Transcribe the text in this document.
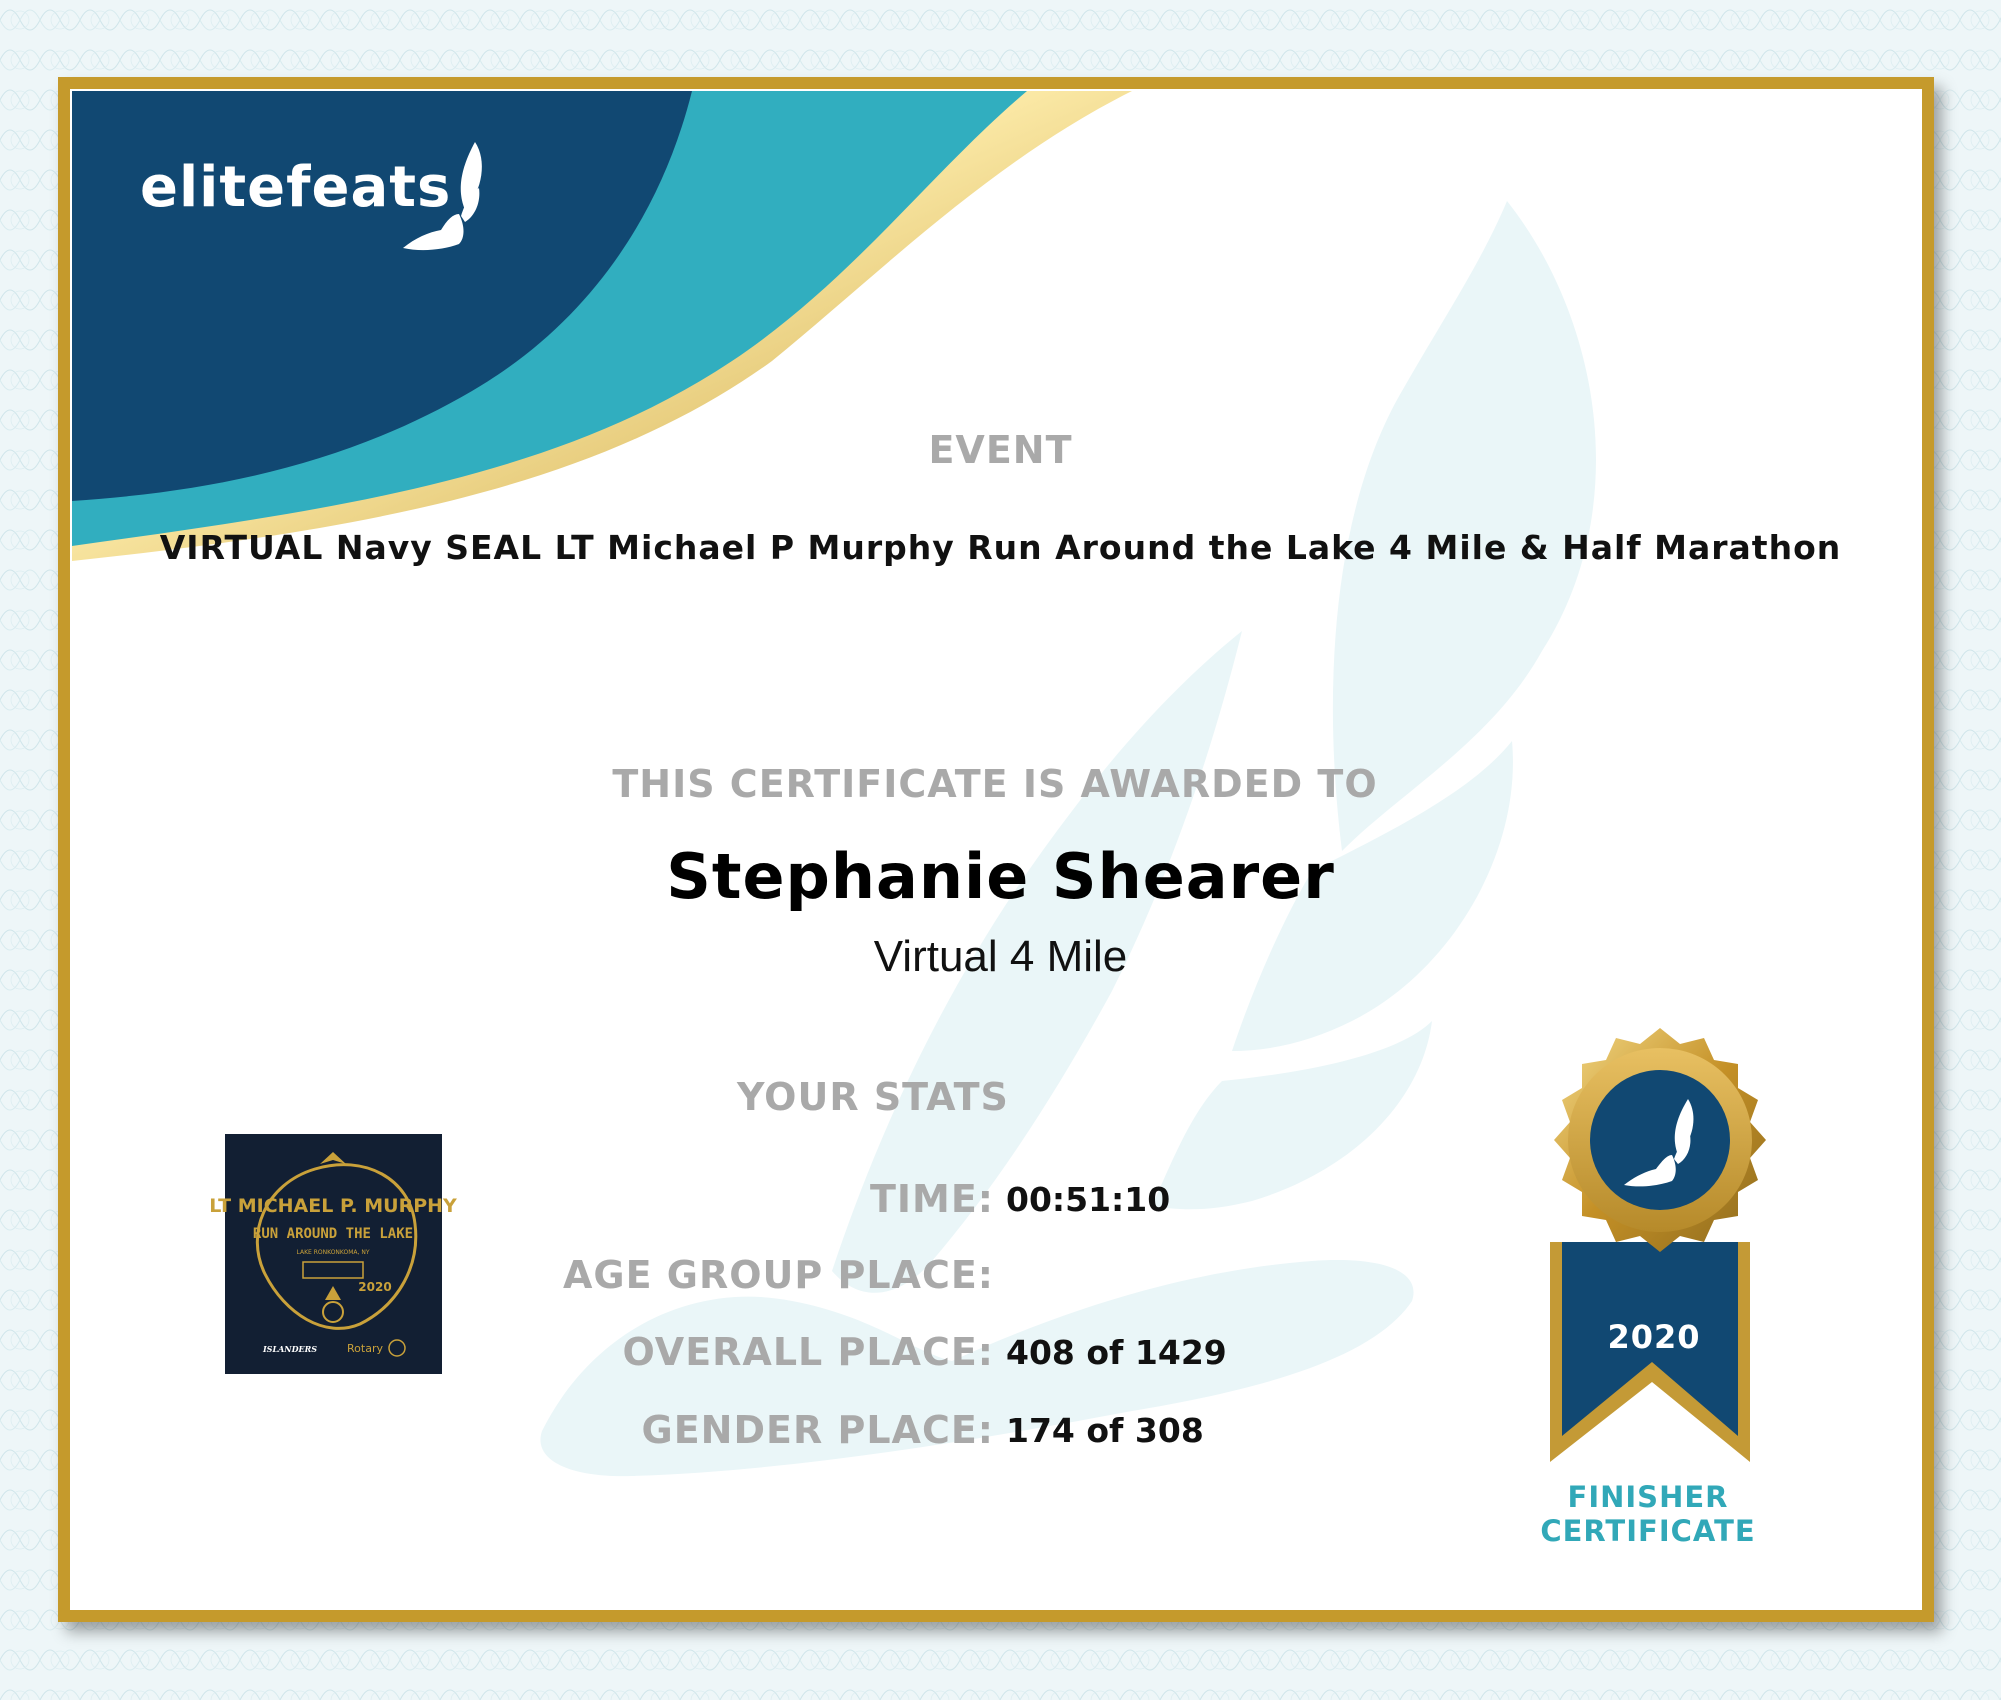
elitefeats
EVENT
VIRTUAL Navy SEAL LT Michael P Murphy Run Around the Lake 4 Mile & Half Marathon
THIS CERTIFICATE IS AWARDED TO
Stephanie Shearer
Virtual 4 Mile
YOUR STATS
TIME: 00:51:10
AGE GROUP PLACE:
OVERALL PLACE: 408 of 1429
GENDER PLACE: 174 of 308
LT MICHAEL P. MURPHY
RUN AROUND THE LAKE
LAKE RONKONKOMA, NY
2020
ISLANDERS	Rotary	2020
FINISHER
CERTIFICATE
